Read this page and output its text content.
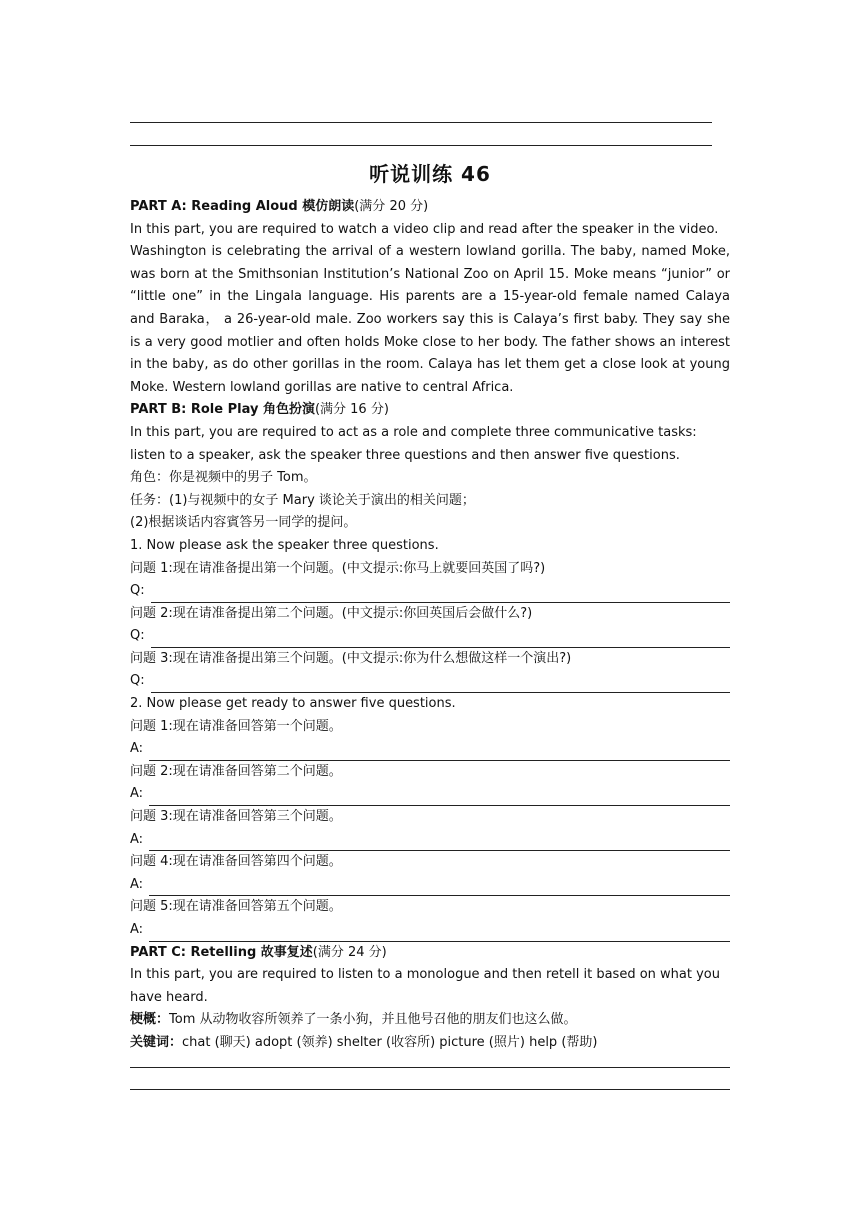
听说训练 46

PART A: Reading Aloud 模仿朗读(满分 20 分)

In this part, you are required to watch a video clip and read after the speaker in the video.

Washington is celebrating the arrival of a western lowland gorilla. The baby, named Moke, was born at the Smithsonian Institution’s National Zoo on April 15. Moke means “junior” or “little one” in the Lingala language. His parents are a 15-year-old female named Calaya and Baraka， a 26-year-old male. Zoo workers say this is Calaya’s first baby. They say she is a very good motlier and often holds Moke close to her body. The father shows an interest in the baby, as do other gorillas in the room. Calaya has let them get a close look at young Moke. Western lowland gorillas are native to central Africa.

PART B: Role Play 角色扮演(满分 16 分)

In this part, you are required to act as a role and complete three communicative tasks: listen to a speaker, ask the speaker three questions and then answer five questions.

角色：你是视频中的男子 Tom。

任务：(1)与视频中的女子 Mary 谈论关于演出的相关问题；

(2)根据谈话内容賓答另一同学的提问。

1. Now please ask the speaker three questions.

问题 1:现在请准备提出第一个问题。(中文提示:你马上就要回英国了吗?)

Q:

问题 2:现在请准备提出第二个问题。(中文提示:你回英国后会做什么?)

Q:

问题 3:现在请准备提出第三个问题。(中文提示:你为什么想做这样一个演出?)

Q:

2. Now please get ready to answer five questions.

问题 1:现在请准备回答第一个问题。

A:

问题 2:现在请准备回答第二个问题。

A:

问题 3:现在请准备回答第三个问题。

A:

问题 4:现在请准备回答第四个问题。

A:

问题 5:现在请准备回答第五个问题。

A:

PART C: Retelling 故事复述(满分 24 分)

In this part, you are required to listen to a monologue and then retell it based on what you have heard.

梗概：Tom 从动物收容所领养了一条小狗，并且他号召他的朋友们也这么做。

关键词：chat (聊天) adopt (领养) shelter (收容所) picture (照片) help (帮助)
